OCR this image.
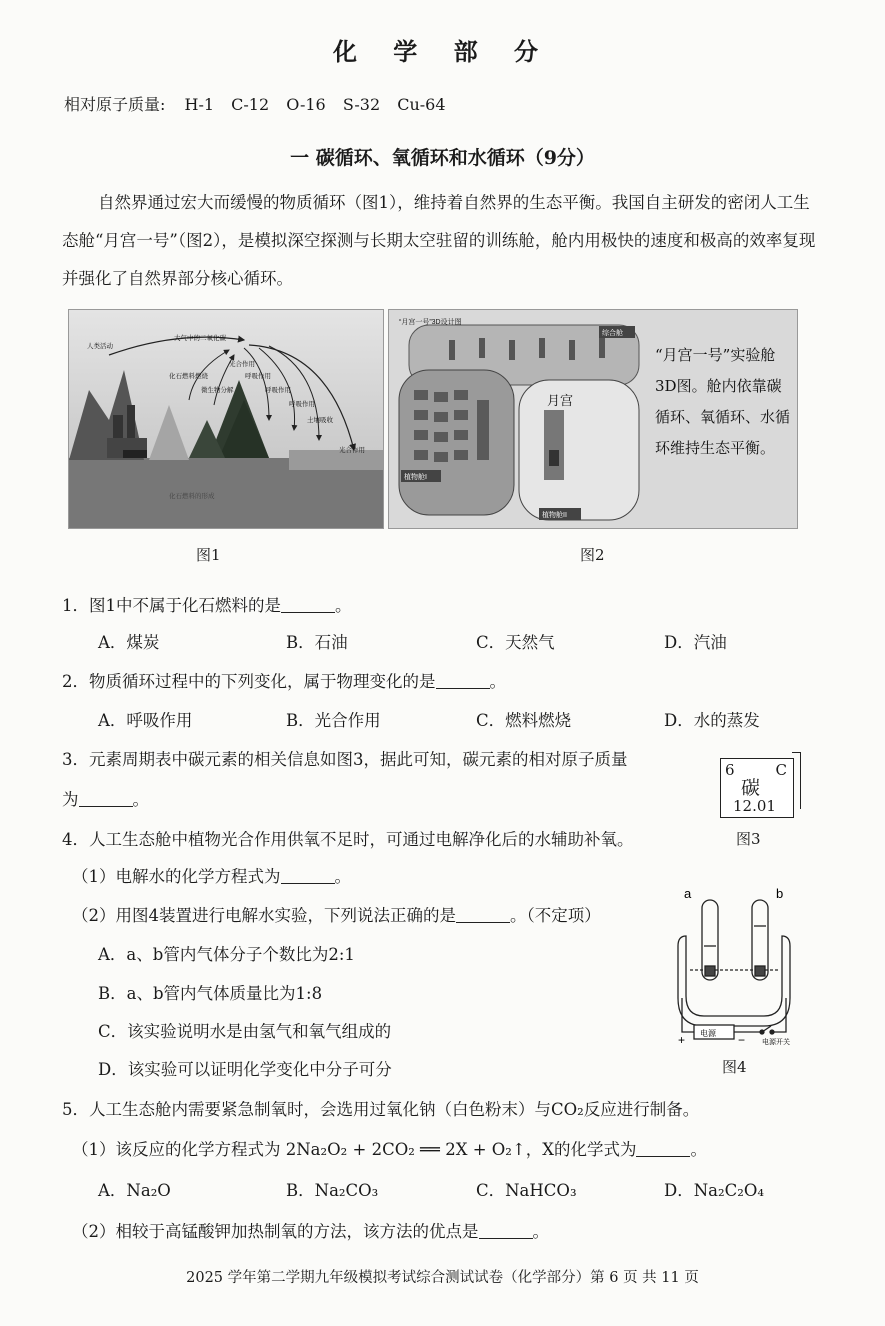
化 学 部 分
相对原子质量: H-1 C-12 O-16 S-32 Cu-64
一 碳循环、氧循环和水循环（9分）
自然界通过宏大而缓慢的物质循环（图1），维持着自然界的生态平衡。我国自主研发的密闭人工生态舱“月宫一号”（图2），是模拟深空探测与长期太空驻留的训练舱，舱内用极快的速度和极高的效率复现并强化了自然界部分核心循环。
人类活动
大气中的二氧化碳
化石燃料燃烧
微生物分解
光合作用
呼吸作用
呼吸作用
呼吸作用
土壤吸收
光合作用
化石燃料的形成
“月宫一号”3D设计图
综合舱
植物舱I
植物舱II
月宫
“月宫一号”实验舱3D图。舱内依靠碳循环、氧循环、水循环维持生态平衡。
图1	图2
1．图1中不属于化石燃料的是	。
A．煤炭	B．石油	C．天然气	D．汽油
2．物质循环过程中的下列变化，属于物理变化的是	。
A．呼吸作用	B．光合作用	C．燃料燃烧	D．水的蒸发
3．元素周期表中碳元素的相关信息如图3，据此可知，碳元素的相对原子质量
为	。
6	C
碳
12.01
图3
4．人工生态舱中植物光合作用供氧不足时，可通过电解净化后的水辅助补氧。
（1）电解水的化学方程式为	。
（2）用图4装置进行电解水实验，下列说法正确的是	。（不定项）
A．a、b管内气体分子个数比为2:1
B．a、b管内气体质量比为1:8
C．该实验说明水是由氢气和氧气组成的
D．该实验可以证明化学变化中分子可分
a	b
电源
电源开关
+	−
图4
5．人工生态舱内需要紧急制氧时，会选用过氧化钠（白色粉末）与CO₂反应进行制备。
（1）该反应的化学方程式为 2Na₂O₂ + 2CO₂ ══ 2X + O₂↑，X的化学式为	。
A．Na₂O	B．Na₂CO₃	C．NaHCO₃	D．Na₂C₂O₄
（2）相较于高锰酸钾加热制氧的方法，该方法的优点是	。
2025 学年第二学期九年级模拟考试综合测试试卷（化学部分）第 6 页 共 11 页
